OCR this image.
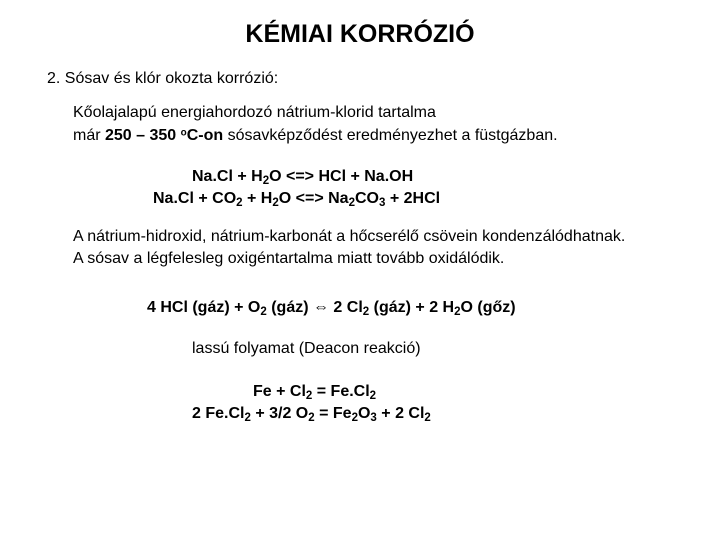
KÉMIAI KORRÓZIÓ
2. Sósav és klór okozta korrózió:
Kőolajalapú energiahordozó nátrium-klorid tartalma
már 250 – 350 $^o$C-on sósavképződést eredményezhet a füstgázban.
$Na.Cl + H_2O$ <=> HCl + Na.OH
$Na.Cl + CO_2 + H_2O$ <=> $Na_2CO_3 + 2HCl$
A nátrium-hidroxid, nátrium-karbonát a hőcserélő csövein kondenzálódhatnak.
A sósav a légfelesleg oxigéntartalma miatt tovább oxidálódik.
4 HCl (gáz) + $O_2$ (gáz) ⇔ 2 $Cl_2$ (gáz) + 2 $H_2O$ (gőz)
lassú folyamat (Deacon reakció)
$Fe + Cl_2 = Fe.Cl_2$
2 $Fe.Cl_2 + 3/2$ $O_2 = Fe_2O_3 + 2$ $Cl_2$
